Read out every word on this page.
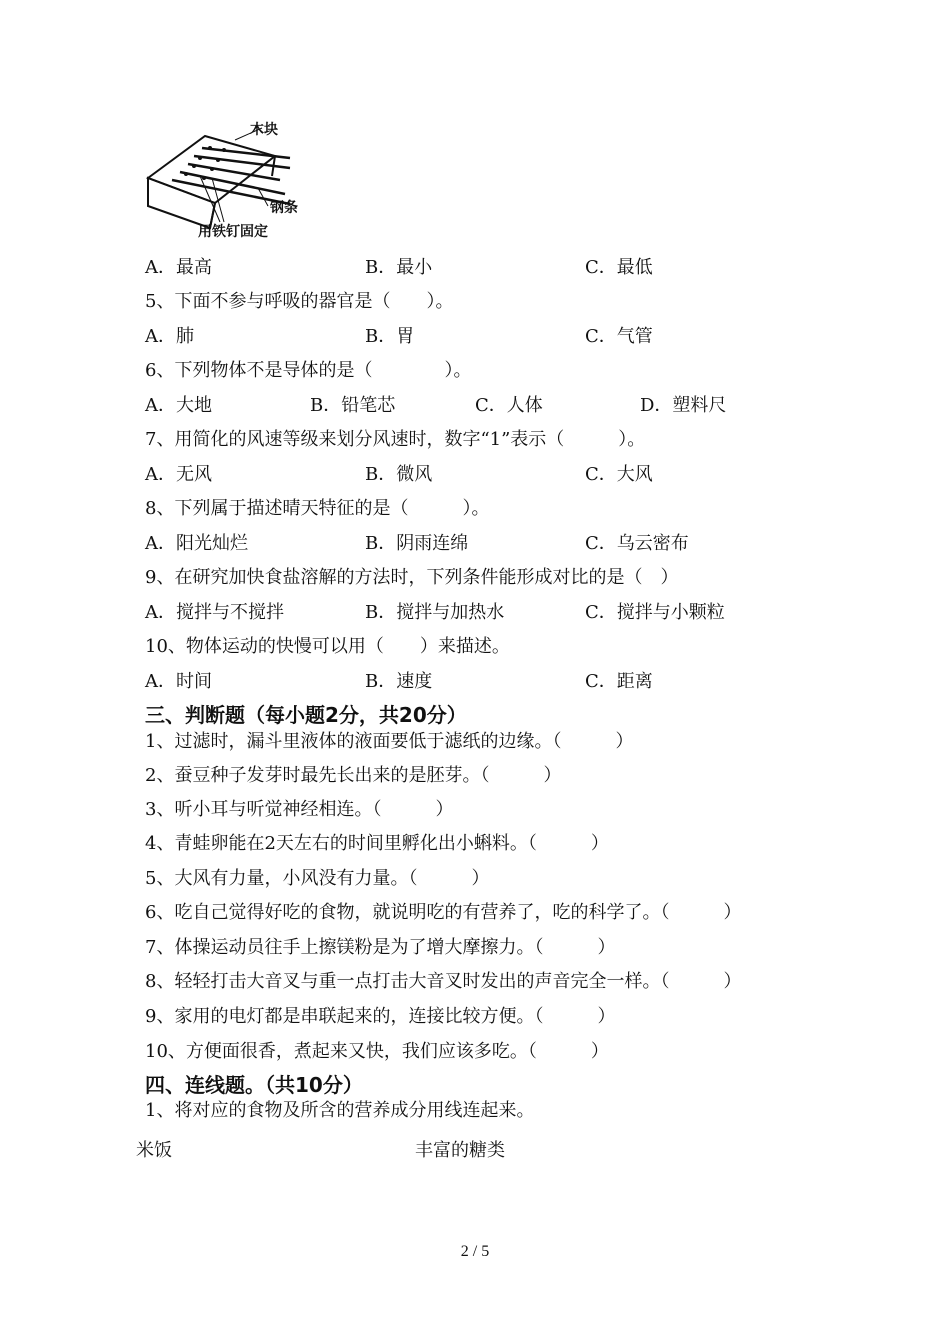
木块
钢条
用铁钉固定
A．最高	B．最小	C．最低
5、下面不参与呼吸的器官是（　　）。
A．肺	B．胃	C．气管
6、下列物体不是导体的是（　　　　）。
A．大地	B．铅笔芯	C．人体	D．塑料尺
7、用简化的风速等级来划分风速时，数字“1”表示（　　　）。
A．无风	B．微风	C．大风
8、下列属于描述晴天特征的是（　　　）。
A．阳光灿烂	B．阴雨连绵	C．乌云密布
9、在研究加快食盐溶解的方法时，下列条件能形成对比的是（　）
A．搅拌与不搅拌	B．搅拌与加热水	C．搅拌与小颗粒
10、物体运动的快慢可以用（　　）来描述。
A．时间	B．速度	C．距离
三、判断题（每小题2分，共20分）
1、过滤时，漏斗里液体的液面要低于滤纸的边缘。（　　　）
2、蚕豆种子发芽时最先长出来的是胚芽。（　　　）
3、听小耳与听觉神经相连。（　　　）
4、青蛙卵能在2天左右的时间里孵化出小蝌料。（　　　）
5、大风有力量，小风没有力量。（　　　）
6、吃自己觉得好吃的食物，就说明吃的有营养了，吃的科学了。（　　　）
7、体操运动员往手上擦镁粉是为了增大摩擦力。（　　　）
8、轻轻打击大音叉与重一点打击大音叉时发出的声音完全一样。（　　　）
9、家用的电灯都是串联起来的，连接比较方便。（　　　）
10、方便面很香，煮起来又快，我们应该多吃。（　　　）
四、连线题。（共10分）
1、将对应的食物及所含的营养成分用线连起来。
米饭	丰富的糖类
2 / 5
